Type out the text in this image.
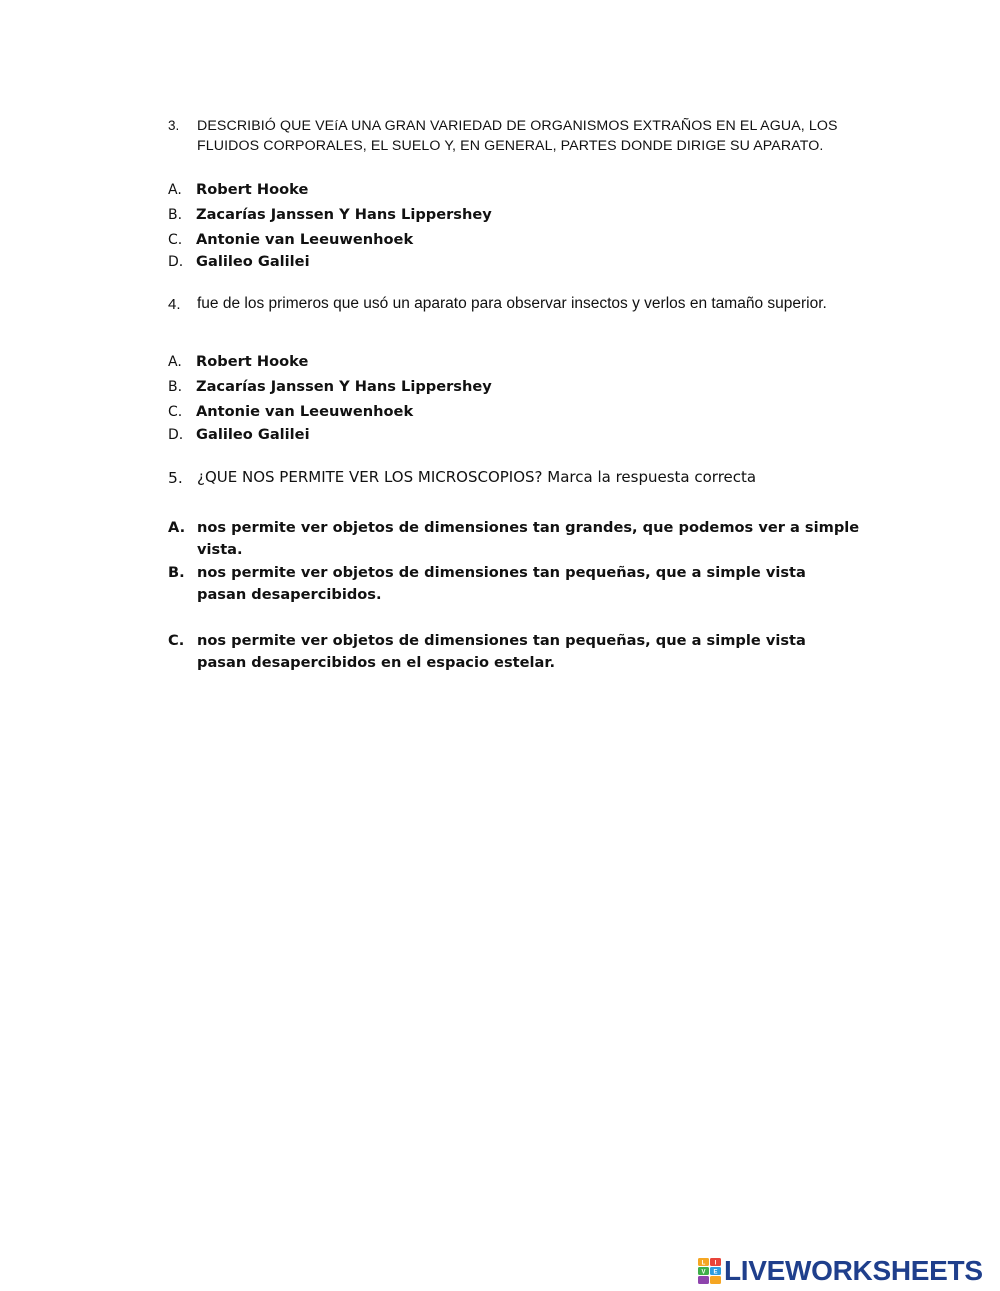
3. DESCRIBIÓ QUE VEíA UNA GRAN VARIEDAD DE ORGANISMOS EXTRAÑOS EN EL AGUA, LOS FLUIDOS CORPORALES, EL SUELO Y, EN GENERAL, PARTES DONDE DIRIGE SU APARATO.
A. Robert Hooke
B. Zacarías Janssen Y Hans Lippershey
C. Antonie van Leeuwenhoek
D. Galileo Galilei
4. fue de los primeros que usó un aparato para observar insectos y verlos en tamaño superior.
A. Robert Hooke
B. Zacarías Janssen Y Hans Lippershey
C. Antonie van Leeuwenhoek
D. Galileo Galilei
5. ¿QUE NOS PERMITE VER LOS MICROSCOPIOS? Marca la respuesta correcta
A. nos permite ver objetos de dimensiones tan grandes, que podemos ver a simple vista.
B. nos permite ver objetos de dimensiones tan pequeñas, que a simple vista pasan desapercibidos.
C. nos permite ver objetos de dimensiones tan pequeñas, que a simple vista pasan desapercibidos en el espacio estelar.
L I
V E LIVEWORKSHEETS
